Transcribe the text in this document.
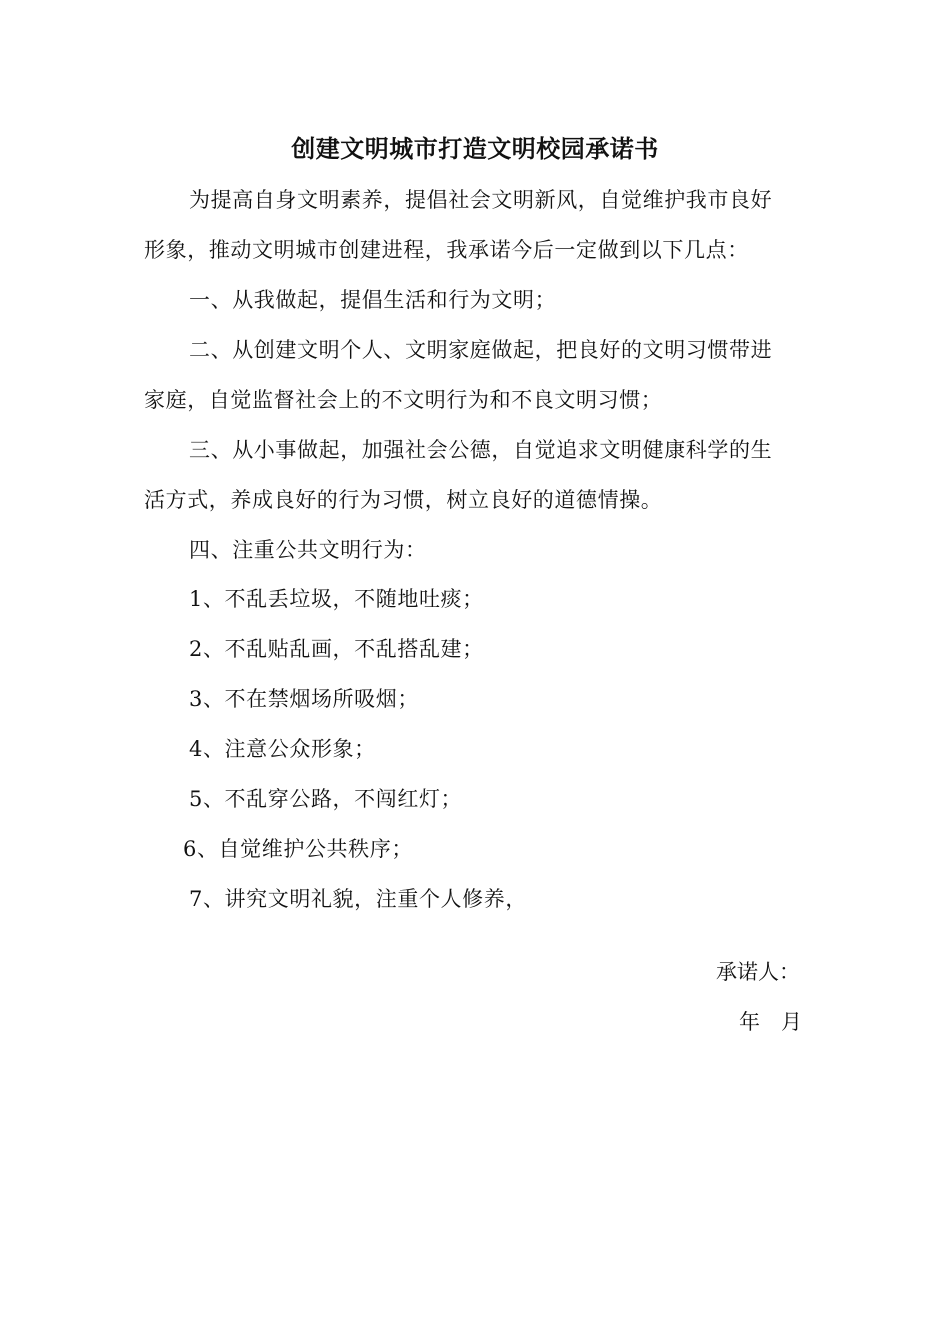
创建文明城市打造文明校园承诺书
为提高自身文明素养，提倡社会文明新风，自觉维护我市良好
形象，推动文明城市创建进程，我承诺今后一定做到以下几点：
一、从我做起，提倡生活和行为文明；
二、从创建文明个人、文明家庭做起，把良好的文明习惯带进
家庭，自觉监督社会上的不文明行为和不良文明习惯；
三、从小事做起，加强社会公德，自觉追求文明健康科学的生
活方式，养成良好的行为习惯，树立良好的道德情操。
四、注重公共文明行为：
1、不乱丢垃圾，不随地吐痰；
2、不乱贴乱画，不乱搭乱建；
3、不在禁烟场所吸烟；
4、注意公众形象；
5、不乱穿公路，不闯红灯；
6、自觉维护公共秩序；
7、讲究文明礼貌，注重个人修养，
承诺人：
年　月
